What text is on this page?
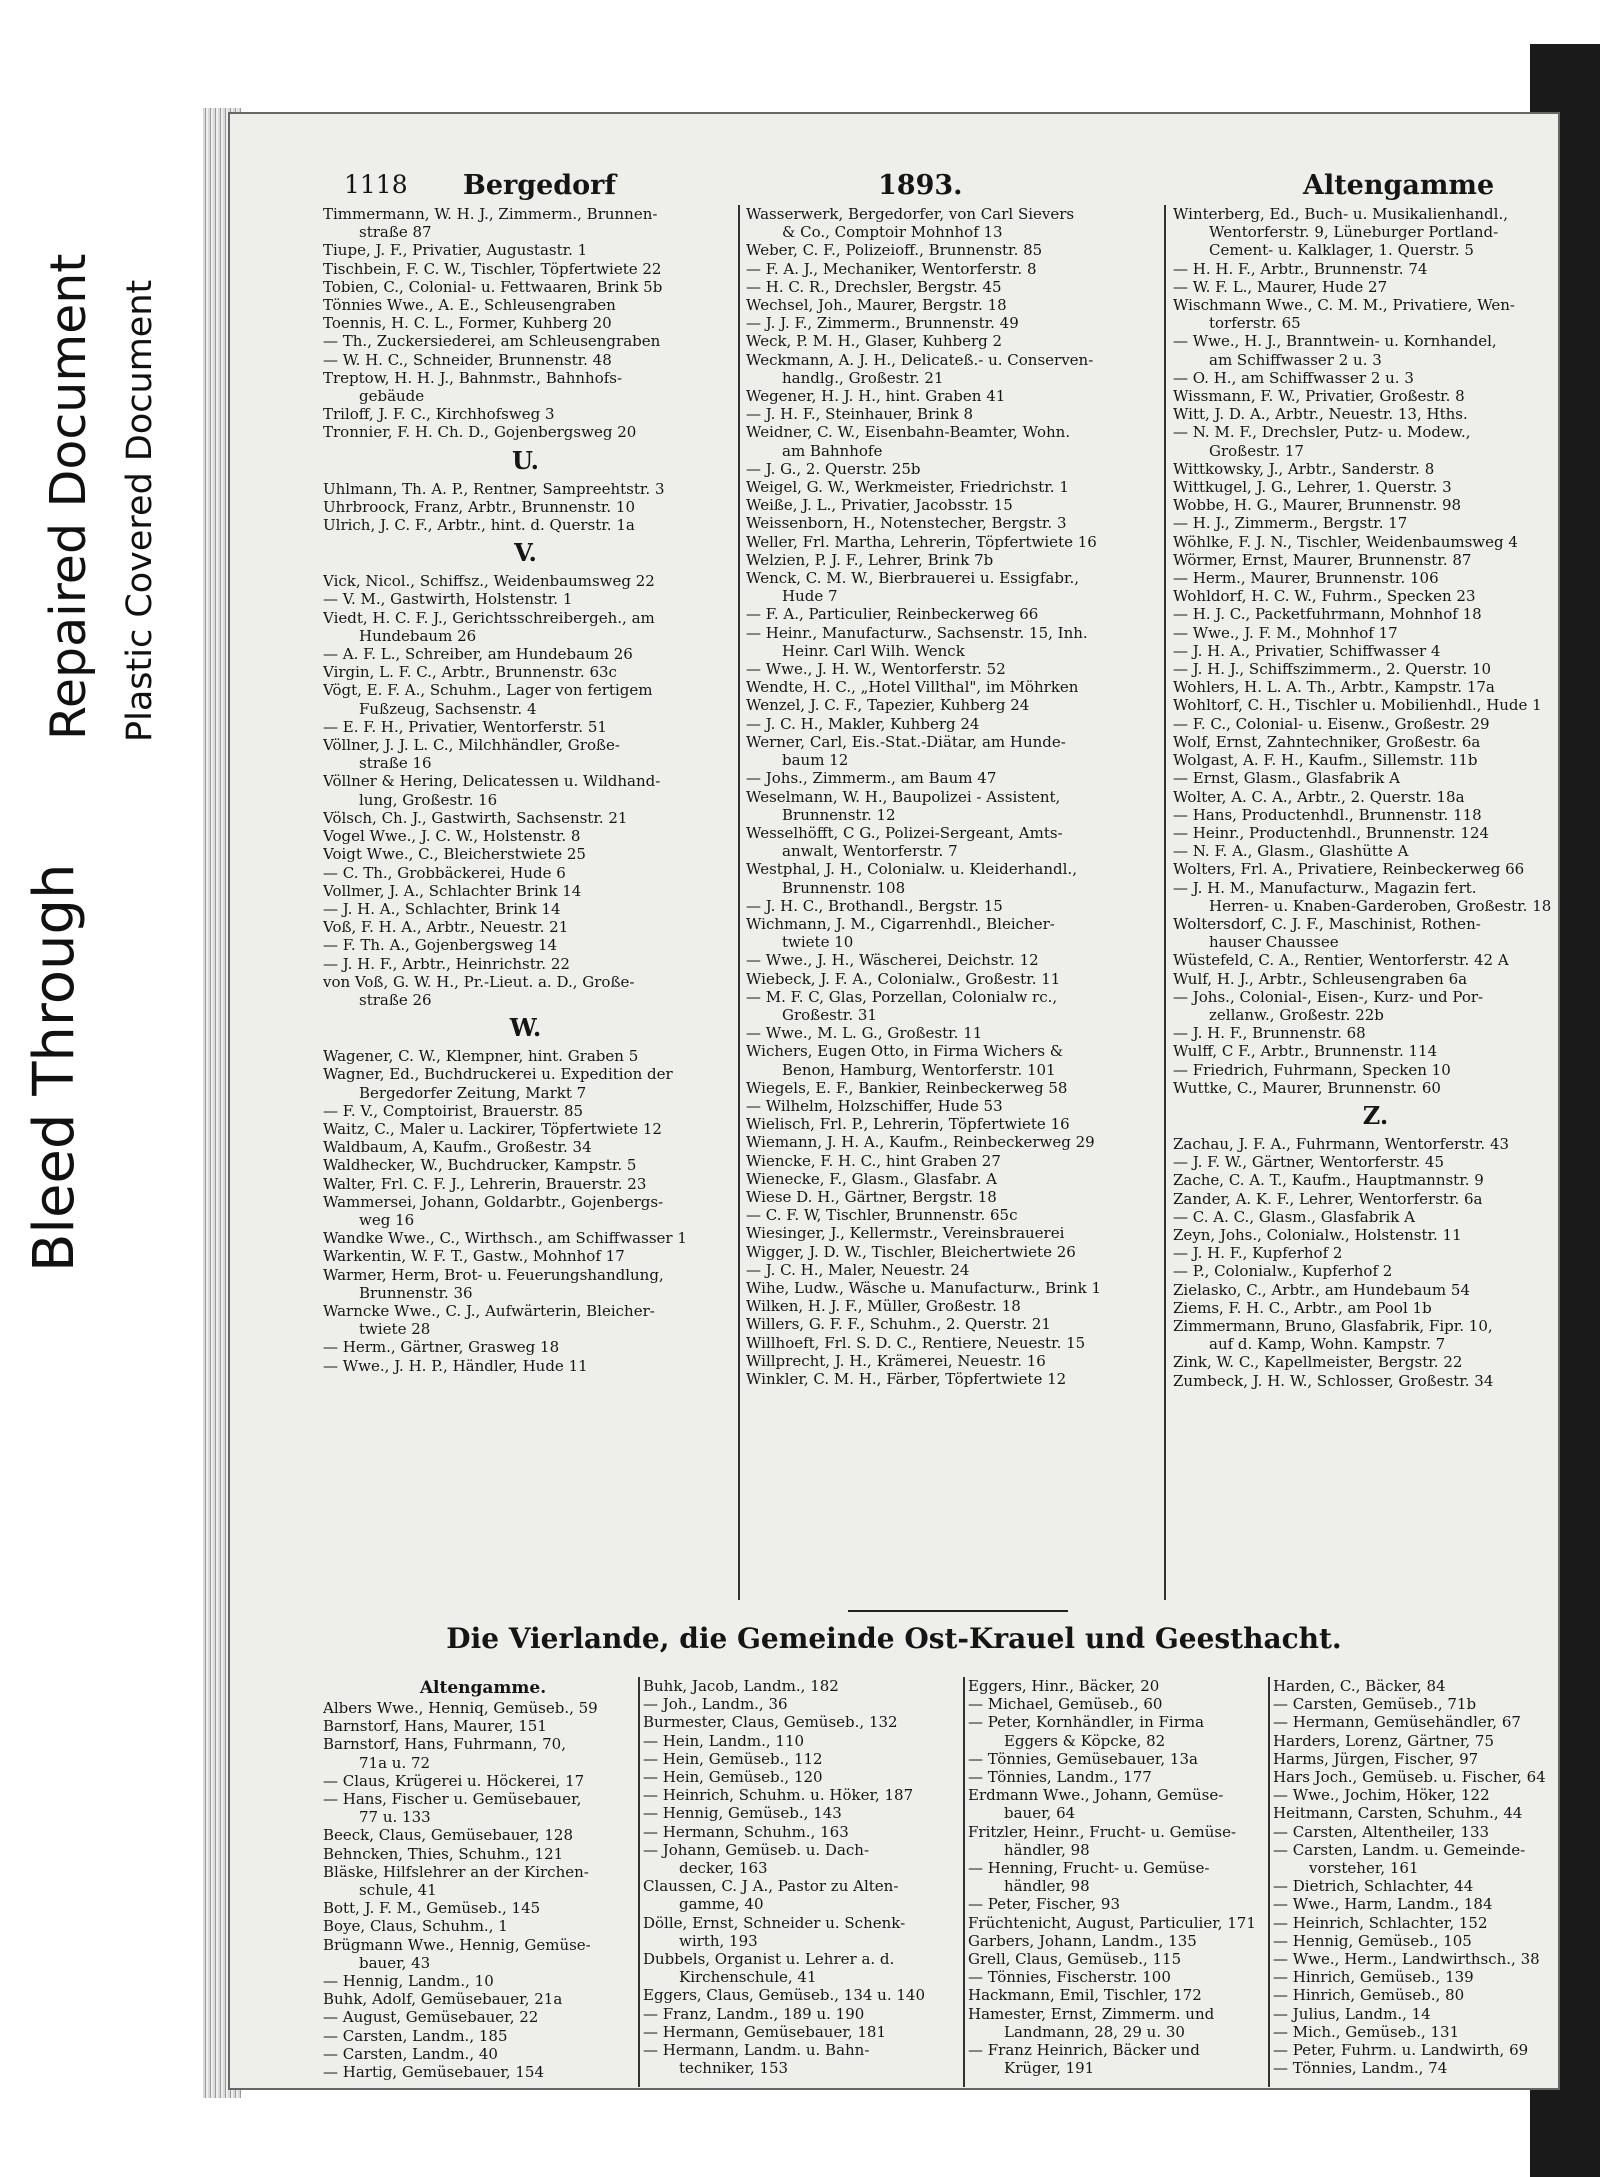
Bleed Through
Repaired Document Plastic Covered Document
1118 Bergedorf	1893.	Altengamme
Timmermann, W. H. J., Zimmerm., Brunnen-
straße 87
Tiupe, J. F., Privatier, Augustastr. 1
Tischbein, F. C. W., Tischler, Töpfertwiete 22
Tobien, C., Colonial- u. Fettwaaren, Brink 5b
Tönnies Wwe., A. E., Schleusengraben
Toennis, H. C. L., Former, Kuhberg 20
— Th., Zuckersiederei, am Schleusengraben
— W. H. C., Schneider, Brunnenstr. 48
Treptow, H. H. J., Bahnmstr., Bahnhofs-
gebäude
Triloff, J. F. C., Kirchhofsweg 3
Tronnier, F. H. Ch. D., Gojenbergsweg 20
U.
Uhlmann, Th. A. P., Rentner, Sampreehtstr. 3
Uhrbroock, Franz, Arbtr., Brunnenstr. 10
Ulrich, J. C. F., Arbtr., hint. d. Querstr. 1a
V.
Vick, Nicol., Schiffsz., Weidenbaumsweg 22
— V. M., Gastwirth, Holstenstr. 1
Viedt, H. C. F. J., Gerichtsschreibergeh., am
Hundebaum 26
— A. F. L., Schreiber, am Hundebaum 26
Virgin, L. F. C., Arbtr., Brunnenstr. 63c
Vögt, E. F. A., Schuhm., Lager von fertigem
Fußzeug, Sachsenstr. 4
— E. F. H., Privatier, Wentorferstr. 51
Völlner, J. J. L. C., Milchhändler, Große-
straße 16
Völlner & Hering, Delicatessen u. Wildhand-
lung, Großestr. 16
Völsch, Ch. J., Gastwirth, Sachsenstr. 21
Vogel Wwe., J. C. W., Holstenstr. 8
Voigt Wwe., C., Bleicherstwiete 25
— C. Th., Grobbäckerei, Hude 6
Vollmer, J. A., Schlachter Brink 14
— J. H. A., Schlachter, Brink 14
Voß, F. H. A., Arbtr., Neuestr. 21
— F. Th. A., Gojenbergsweg 14
— J. H. F., Arbtr., Heinrichstr. 22
von Voß, G. W. H., Pr.-Lieut. a. D., Große-
straße 26
W.
Wagener, C. W., Klempner, hint. Graben 5
Wagner, Ed., Buchdruckerei u. Expedition der
Bergedorfer Zeitung, Markt 7
— F. V., Comptoirist, Brauerstr. 85
Waitz, C., Maler u. Lackirer, Töpfertwiete 12
Waldbaum, A, Kaufm., Großestr. 34
Waldhecker, W., Buchdrucker, Kampstr. 5
Walter, Frl. C. F. J., Lehrerin, Brauerstr. 23
Wammersei, Johann, Goldarbtr., Gojenbergs-
weg 16
Wandke Wwe., C., Wirthsch., am Schiffwasser 1
Warkentin, W. F. T., Gastw., Mohnhof 17
Warmer, Herm, Brot- u. Feuerungshandlung,
Brunnenstr. 36
Warncke Wwe., C. J., Aufwärterin, Bleicher-
twiete 28
— Herm., Gärtner, Grasweg 18
— Wwe., J. H. P., Händler, Hude 11
Wasserwerk, Bergedorfer, von Carl Sievers
& Co., Comptoir Mohnhof 13
Weber, C. F., Polizeioff., Brunnenstr. 85
— F. A. J., Mechaniker, Wentorferstr. 8
— H. C. R., Drechsler, Bergstr. 45
Wechsel, Joh., Maurer, Bergstr. 18
— J. J. F., Zimmerm., Brunnenstr. 49
Weck, P. M. H., Glaser, Kuhberg 2
Weckmann, A. J. H., Delicateß.- u. Conserven-
handlg., Großestr. 21
Wegener, H. J. H., hint. Graben 41
— J. H. F., Steinhauer, Brink 8
Weidner, C. W., Eisenbahn-Beamter, Wohn.
am Bahnhofe
— J. G., 2. Querstr. 25b
Weigel, G. W., Werkmeister, Friedrichstr. 1
Weiße, J. L., Privatier, Jacobsstr. 15
Weissenborn, H., Notenstecher, Bergstr. 3
Weller, Frl. Martha, Lehrerin, Töpfertwiete 16
Welzien, P. J. F., Lehrer, Brink 7b
Wenck, C. M. W., Bierbrauerei u. Essigfabr.,
Hude 7
— F. A., Particulier, Reinbeckerweg 66
— Heinr., Manufacturw., Sachsenstr. 15, Inh.
Heinr. Carl Wilh. Wenck
— Wwe., J. H. W., Wentorferstr. 52
Wendte, H. C., „Hotel Villthal", im Möhrken
Wenzel, J. C. F., Tapezier, Kuhberg 24
— J. C. H., Makler, Kuhberg 24
Werner, Carl, Eis.-Stat.-Diätar, am Hunde-
baum 12
— Johs., Zimmerm., am Baum 47
Weselmann, W. H., Baupolizei - Assistent,
Brunnenstr. 12
Wesselhöfft, C G., Polizei-Sergeant, Amts-
anwalt, Wentorferstr. 7
Westphal, J. H., Colonialw. u. Kleiderhandl.,
Brunnenstr. 108
— J. H. C., Brothandl., Bergstr. 15
Wichmann, J. M., Cigarrenhdl., Bleicher-
twiete 10
— Wwe., J. H., Wäscherei, Deichstr. 12
Wiebeck, J. F. A., Colonialw., Großestr. 11
— M. F. C, Glas, Porzellan, Colonialw rc.,
Großestr. 31
— Wwe., M. L. G., Großestr. 11
Wichers, Eugen Otto, in Firma Wichers &
Benon, Hamburg, Wentorferstr. 101
Wiegels, E. F., Bankier, Reinbeckerweg 58
— Wilhelm, Holzschiffer, Hude 53
Wielisch, Frl. P., Lehrerin, Töpfertwiete 16
Wiemann, J. H. A., Kaufm., Reinbeckerweg 29
Wiencke, F. H. C., hint Graben 27
Wienecke, F., Glasm., Glasfabr. A
Wiese D. H., Gärtner, Bergstr. 18
— C. F. W, Tischler, Brunnenstr. 65c
Wiesinger, J., Kellermstr., Vereinsbrauerei
Wigger, J. D. W., Tischler, Bleichertwiete 26
— J. C. H., Maler, Neuestr. 24
Wihe, Ludw., Wäsche u. Manufacturw., Brink 1
Wilken, H. J. F., Müller, Großestr. 18
Willers, G. F. F., Schuhm., 2. Querstr. 21
Willhoeft, Frl. S. D. C., Rentiere, Neuestr. 15
Willprecht, J. H., Krämerei, Neuestr. 16
Winkler, C. M. H., Färber, Töpfertwiete 12
Winterberg, Ed., Buch- u. Musikalienhandl.,
Wentorferstr. 9, Lüneburger Portland-
Cement- u. Kalklager, 1. Querstr. 5
— H. H. F., Arbtr., Brunnenstr. 74
— W. F. L., Maurer, Hude 27
Wischmann Wwe., C. M. M., Privatiere, Wen-
torferstr. 65
— Wwe., H. J., Branntwein- u. Kornhandel,
am Schiffwasser 2 u. 3
— O. H., am Schiffwasser 2 u. 3
Wissmann, F. W., Privatier, Großestr. 8
Witt, J. D. A., Arbtr., Neuestr. 13, Hths.
— N. M. F., Drechsler, Putz- u. Modew.,
Großestr. 17
Wittkowsky, J., Arbtr., Sanderstr. 8
Wittkugel, J. G., Lehrer, 1. Querstr. 3
Wobbe, H. G., Maurer, Brunnenstr. 98
— H. J., Zimmerm., Bergstr. 17
Wöhlke, F. J. N., Tischler, Weidenbaumsweg 4
Wörmer, Ernst, Maurer, Brunnenstr. 87
— Herm., Maurer, Brunnenstr. 106
Wohldorf, H. C. W., Fuhrm., Specken 23
— H. J. C., Packetfuhrmann, Mohnhof 18
— Wwe., J. F. M., Mohnhof 17
— J. H. A., Privatier, Schiffwasser 4
— J. H. J., Schiffszimmerm., 2. Querstr. 10
Wohlers, H. L. A. Th., Arbtr., Kampstr. 17a
Wohltorf, C. H., Tischler u. Mobilienhdl., Hude 1
— F. C., Colonial- u. Eisenw., Großestr. 29
Wolf, Ernst, Zahntechniker, Großestr. 6a
Wolgast, A. F. H., Kaufm., Sillemstr. 11b
— Ernst, Glasm., Glasfabrik A
Wolter, A. C. A., Arbtr., 2. Querstr. 18a
— Hans, Productenhdl., Brunnenstr. 118
— Heinr., Productenhdl., Brunnenstr. 124
— N. F. A., Glasm., Glashütte A
Wolters, Frl. A., Privatiere, Reinbeckerweg 66
— J. H. M., Manufacturw., Magazin fert.
Herren- u. Knaben-Garderoben, Großestr. 18
Woltersdorf, C. J. F., Maschinist, Rothen-
hauser Chaussee
Wüstefeld, C. A., Rentier, Wentorferstr. 42 A
Wulf, H. J., Arbtr., Schleusengraben 6a
— Johs., Colonial-, Eisen-, Kurz- und Por-
zellanw., Großestr. 22b
— J. H. F., Brunnenstr. 68
Wulff, C F., Arbtr., Brunnenstr. 114
— Friedrich, Fuhrmann, Specken 10
Wuttke, C., Maurer, Brunnenstr. 60
Z.
Zachau, J. F. A., Fuhrmann, Wentorferstr. 43
— J. F. W., Gärtner, Wentorferstr. 45
Zache, C. A. T., Kaufm., Hauptmannstr. 9
Zander, A. K. F., Lehrer, Wentorferstr. 6a
— C. A. C., Glasm., Glasfabrik A
Zeyn, Johs., Colonialw., Holstenstr. 11
— J. H. F., Kupferhof 2
— P., Colonialw., Kupferhof 2
Zielasko, C., Arbtr., am Hundebaum 54
Ziems, F. H. C., Arbtr., am Pool 1b
Zimmermann, Bruno, Glasfabrik, Fipr. 10,
auf d. Kamp, Wohn. Kampstr. 7
Zink, W. C., Kapellmeister, Bergstr. 22
Zumbeck, J. H. W., Schlosser, Großestr. 34
Die Vierlande, die Gemeinde Ost-Krauel und Geesthacht.
Altengamme.
Albers Wwe., Henniq, Gemüseb., 59
Barnstorf, Hans, Maurer, 151
Barnstorf, Hans, Fuhrmann, 70,
71a u. 72
— Claus, Krügerei u. Höckerei, 17
— Hans, Fischer u. Gemüsebauer,
77 u. 133
Beeck, Claus, Gemüsebauer, 128
Behncken, Thies, Schuhm., 121
Bläske, Hilfslehrer an der Kirchen-
schule, 41
Bott, J. F. M., Gemüseb., 145
Boye, Claus, Schuhm., 1
Brügmann Wwe., Hennig, Gemüse-
bauer, 43
— Hennig, Landm., 10
Buhk, Adolf, Gemüsebauer, 21a
— August, Gemüsebauer, 22
— Carsten, Landm., 185
— Carsten, Landm., 40
— Hartig, Gemüsebauer, 154
Buhk, Jacob, Landm., 182
— Joh., Landm., 36
Burmester, Claus, Gemüseb., 132
— Hein, Landm., 110
— Hein, Gemüseb., 112
— Hein, Gemüseb., 120
— Heinrich, Schuhm. u. Höker, 187
— Hennig, Gemüseb., 143
— Hermann, Schuhm., 163
— Johann, Gemüseb. u. Dach-
decker, 163
Claussen, C. J A., Pastor zu Alten-
gamme, 40
Dölle, Ernst, Schneider u. Schenk-
wirth, 193
Dubbels, Organist u. Lehrer a. d.
Kirchenschule, 41
Eggers, Claus, Gemüseb., 134 u. 140
— Franz, Landm., 189 u. 190
— Hermann, Gemüsebauer, 181
— Hermann, Landm. u. Bahn-
techniker, 153
Eggers, Hinr., Bäcker, 20
— Michael, Gemüseb., 60
— Peter, Kornhändler, in Firma
Eggers & Köpcke, 82
— Tönnies, Gemüsebauer, 13a
— Tönnies, Landm., 177
Erdmann Wwe., Johann, Gemüse-
bauer, 64
Fritzler, Heinr., Frucht- u. Gemüse-
händler, 98
— Henning, Frucht- u. Gemüse-
händler, 98
— Peter, Fischer, 93
Früchtenicht, August, Particulier, 171
Garbers, Johann, Landm., 135
Grell, Claus, Gemüseb., 115
— Tönnies, Fischerstr. 100
Hackmann, Emil, Tischler, 172
Hamester, Ernst, Zimmerm. und
Landmann, 28, 29 u. 30
— Franz Heinrich, Bäcker und
Krüger, 191
Harden, C., Bäcker, 84
— Carsten, Gemüseb., 71b
— Hermann, Gemüsehändler, 67
Harders, Lorenz, Gärtner, 75
Harms, Jürgen, Fischer, 97
Hars Joch., Gemüseb. u. Fischer, 64
— Wwe., Jochim, Höker, 122
Heitmann, Carsten, Schuhm., 44
— Carsten, Altentheiler, 133
— Carsten, Landm. u. Gemeinde-
vorsteher, 161
— Dietrich, Schlachter, 44
— Wwe., Harm, Landm., 184
— Heinrich, Schlachter, 152
— Hennig, Gemüseb., 105
— Wwe., Herm., Landwirthsch., 38
— Hinrich, Gemüseb., 139
— Hinrich, Gemüseb., 80
— Julius, Landm., 14
— Mich., Gemüseb., 131
— Peter, Fuhrm. u. Landwirth, 69
— Tönnies, Landm., 74
